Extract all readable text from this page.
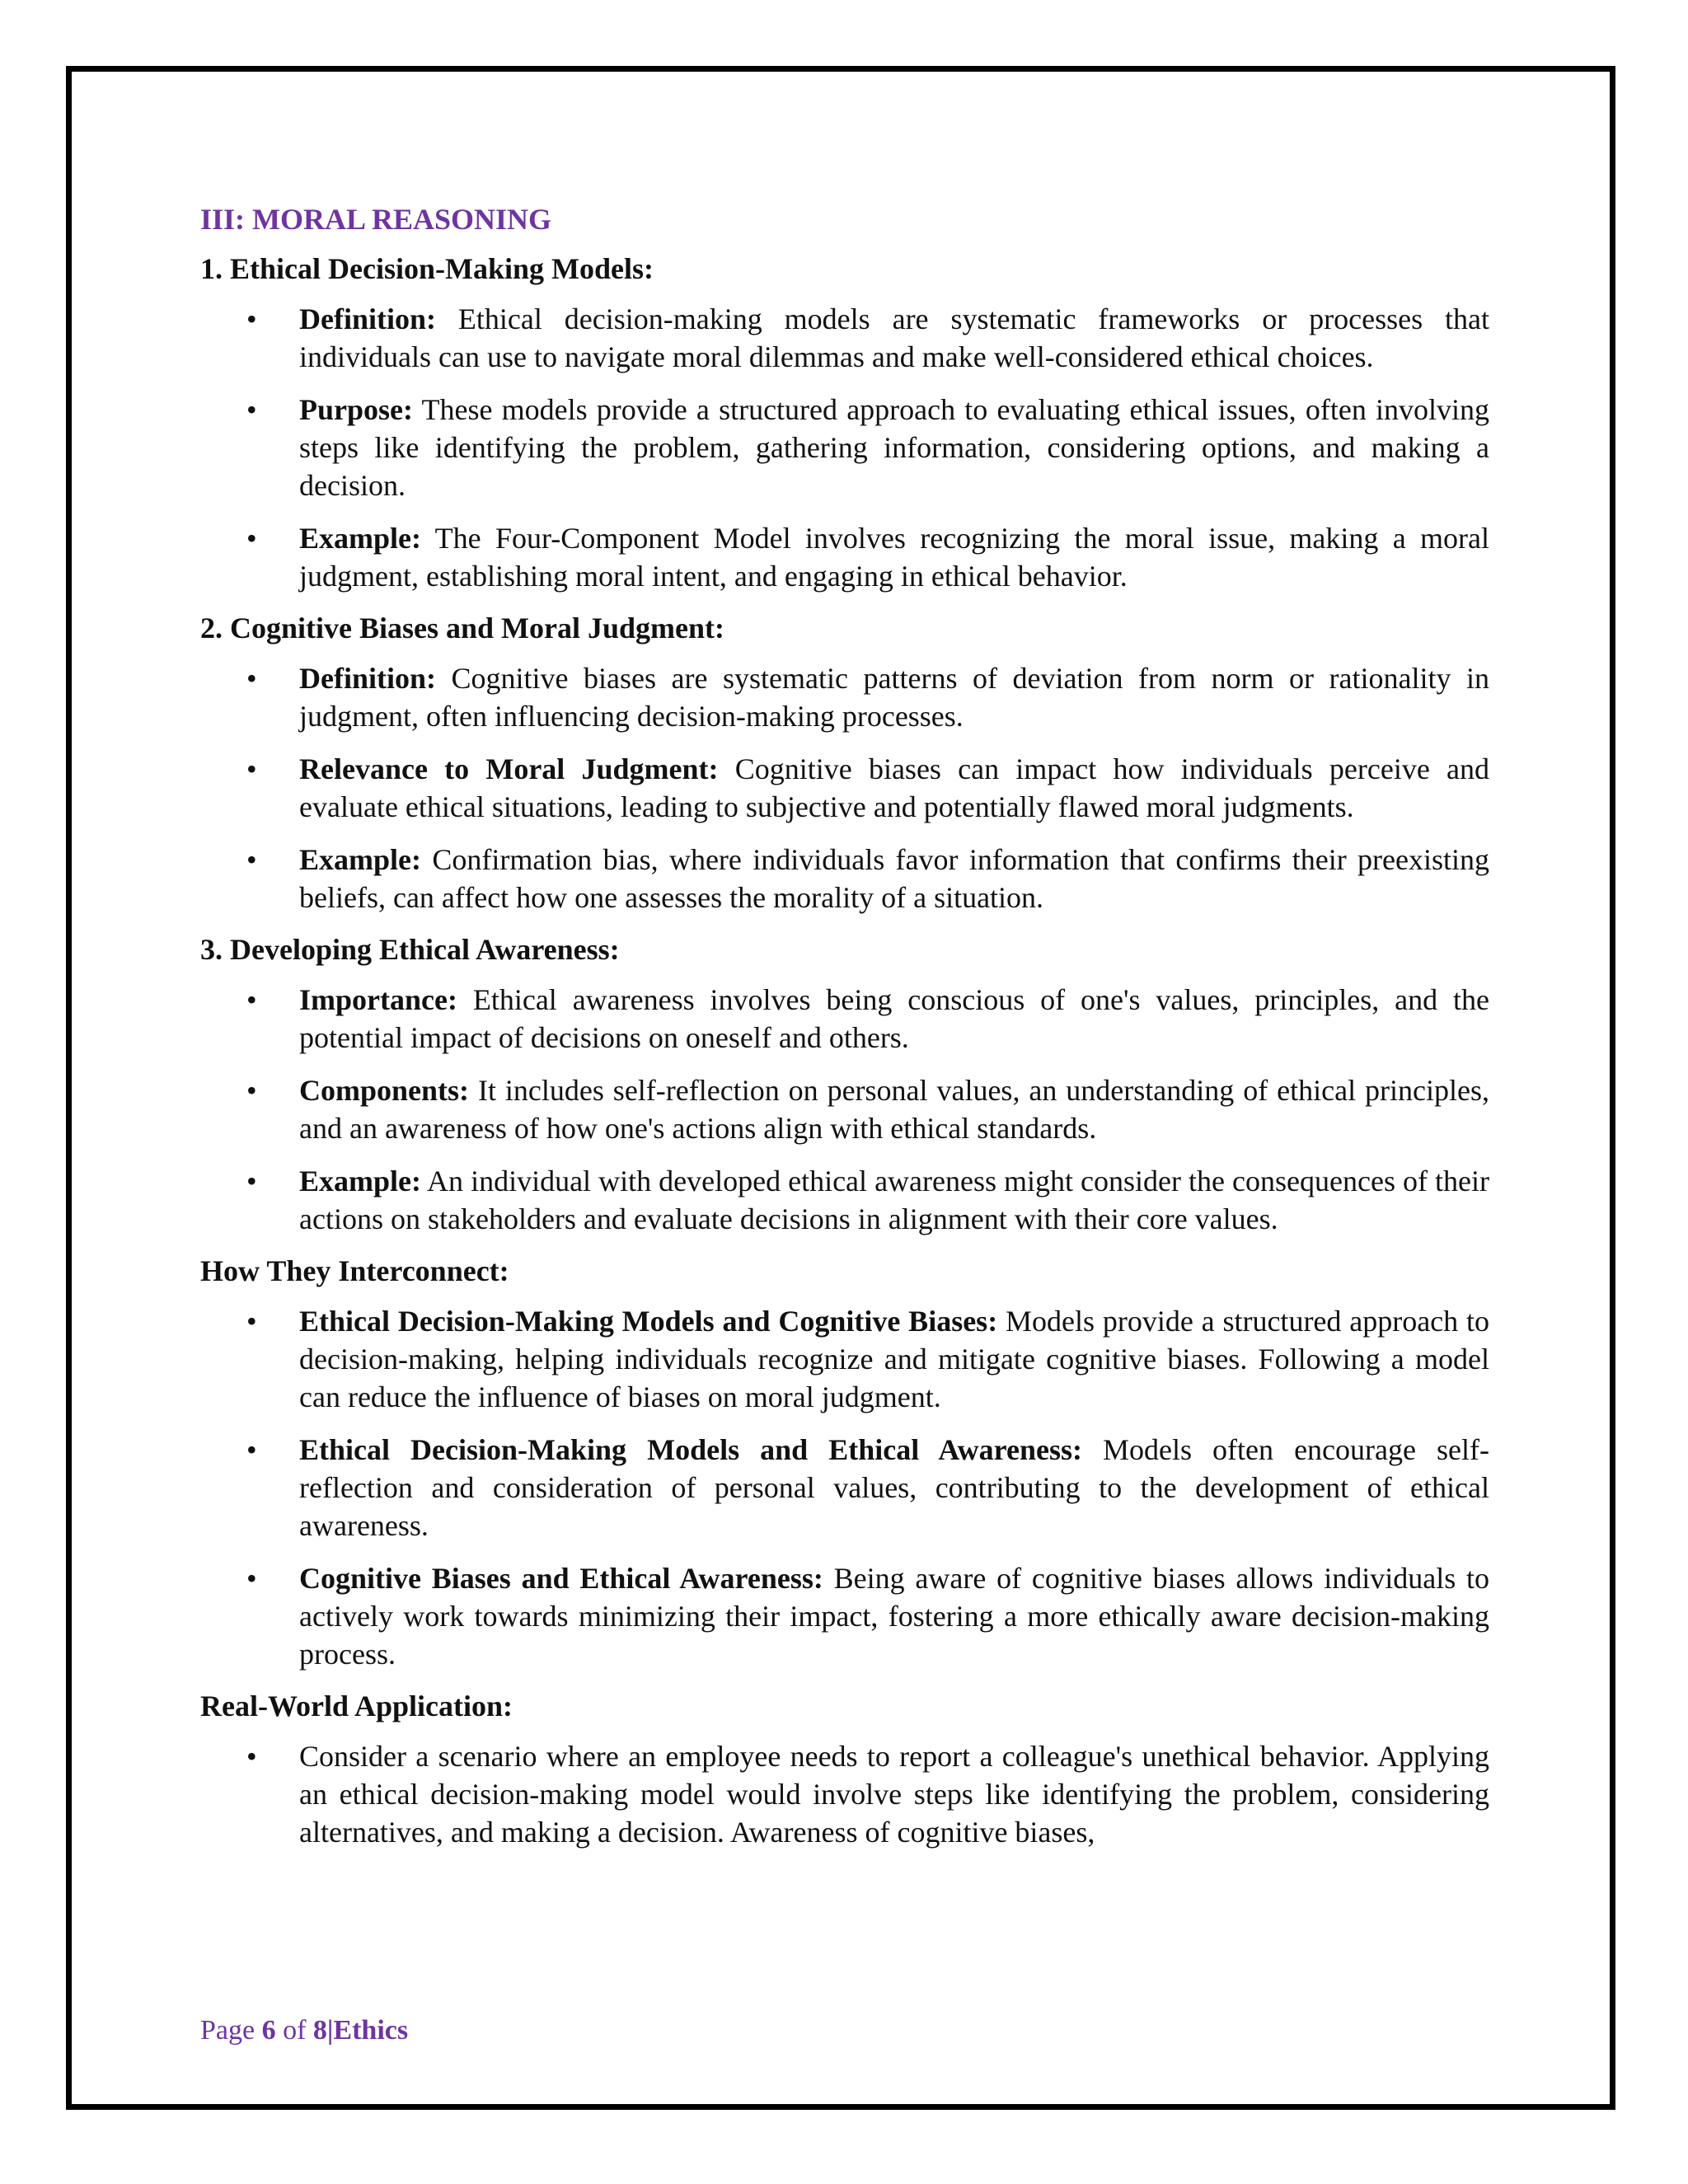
III: MORAL REASONING
1. Ethical Decision-Making Models:
• Definition: Ethical decision-making models are systematic frameworks or processes that individuals can use to navigate moral dilemmas and make well-considered ethical choices.
• Purpose: These models provide a structured approach to evaluating ethical issues, often involving steps like identifying the problem, gathering information, considering options, and making a decision.
• Example: The Four-Component Model involves recognizing the moral issue, making a moral judgment, establishing moral intent, and engaging in ethical behavior.
2. Cognitive Biases and Moral Judgment:
• Definition: Cognitive biases are systematic patterns of deviation from norm or rationality in judgment, often influencing decision-making processes.
• Relevance to Moral Judgment: Cognitive biases can impact how individuals perceive and evaluate ethical situations, leading to subjective and potentially flawed moral judgments.
• Example: Confirmation bias, where individuals favor information that confirms their preexisting beliefs, can affect how one assesses the morality of a situation.
3. Developing Ethical Awareness:
• Importance: Ethical awareness involves being conscious of one's values, principles, and the potential impact of decisions on oneself and others.
• Components: It includes self-reflection on personal values, an understanding of ethical principles, and an awareness of how one's actions align with ethical standards.
• Example: An individual with developed ethical awareness might consider the consequences of their actions on stakeholders and evaluate decisions in alignment with their core values.
How They Interconnect:
• Ethical Decision-Making Models and Cognitive Biases: Models provide a structured approach to decision-making, helping individuals recognize and mitigate cognitive biases. Following a model can reduce the influence of biases on moral judgment.
• Ethical Decision-Making Models and Ethical Awareness: Models often encourage self- reflection and consideration of personal values, contributing to the development of ethical awareness.
• Cognitive Biases and Ethical Awareness: Being aware of cognitive biases allows individuals to actively work towards minimizing their impact, fostering a more ethically aware decision-making process.
Real-World Application:
• Consider a scenario where an employee needs to report a colleague's unethical behavior. Applying an ethical decision-making model would involve steps like identifying the problem, considering alternatives, and making a decision. Awareness of cognitive biases,
Page 6 of 8|Ethics
